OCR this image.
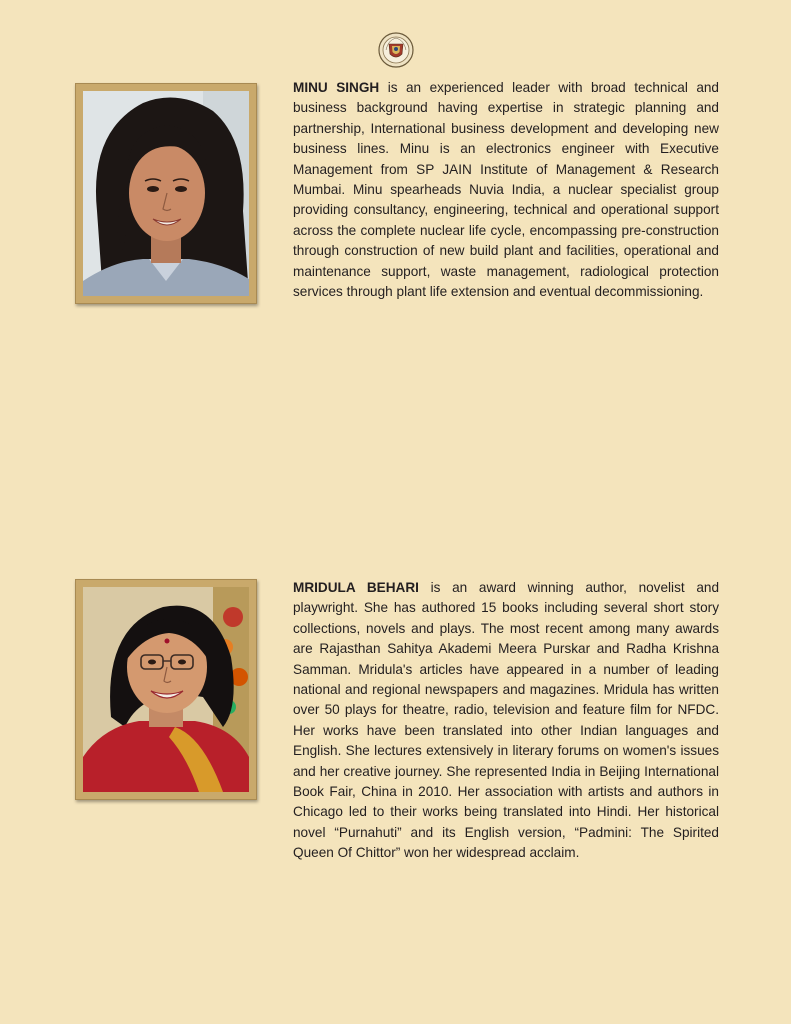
MINU SINGH is an experienced leader with broad technical and business background having expertise in strategic planning and partnership, International business development and developing new business lines. Minu is an electronics engineer with Executive Management from SP JAIN Institute of Management & Research Mumbai. Minu spearheads Nuvia India, a nuclear specialist group providing consultancy, engineering, technical and operational support across the complete nuclear life cycle, encompassing pre-construction through construction of new build plant and facilities, operational and maintenance support, waste management, radiological protection services through plant life extension and eventual decommissioning.

MRIDULA BEHARI is an award winning author, novelist and playwright. She has authored 15 books including several short story collections, novels and plays. The most recent among many awards are Rajasthan Sahitya Akademi Meera Purskar and Radha Krishna Samman. Mridula's articles have appeared in a number of leading national and regional newspapers and magazines. Mridula has written over 50 plays for theatre, radio, television and feature film for NFDC. Her works have been translated into other Indian languages and English. She lectures extensively in literary forums on women's issues and her creative journey. She represented India in Beijing International Book Fair, China in 2010. Her association with artists and authors in Chicago led to their works being translated into Hindi. Her historical novel “Purnahuti” and its English version, “Padmini: The Spirited Queen Of Chittor” won her widespread acclaim.
